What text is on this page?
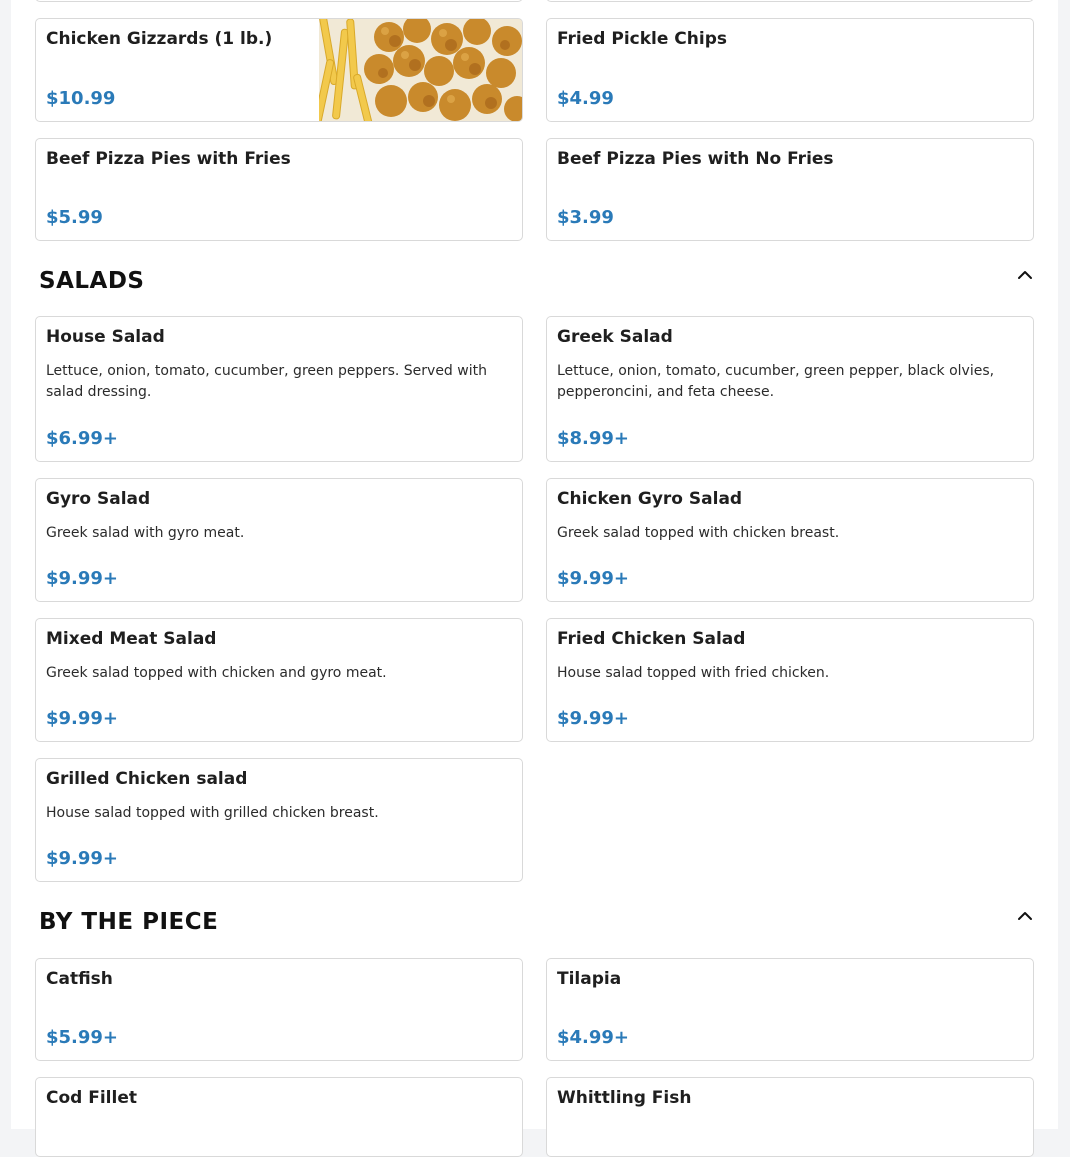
Chicken Gizzards (1 lb.)
$10.99
Fried Pickle Chips
$4.99
Beef Pizza Pies with Fries
$5.99
Beef Pizza Pies with No Fries
$3.99
SALADS
House Salad
Lettuce, onion, tomato, cucumber, green peppers. Served with salad dressing.
$6.99+
Greek Salad
Lettuce, onion, tomato, cucumber, green pepper, black olvies, pepperoncini, and feta cheese.
$8.99+
Gyro Salad
Greek salad with gyro meat.
$9.99+
Chicken Gyro Salad
Greek salad topped with chicken breast.
$9.99+
Mixed Meat Salad
Greek salad topped with chicken and gyro meat.
$9.99+
Fried Chicken Salad
House salad topped with fried chicken.
$9.99+
Grilled Chicken salad
House salad topped with grilled chicken breast.
$9.99+
BY THE PIECE
Catfish
$5.99+
Tilapia
$4.99+
Cod Fillet	Whittling Fish
